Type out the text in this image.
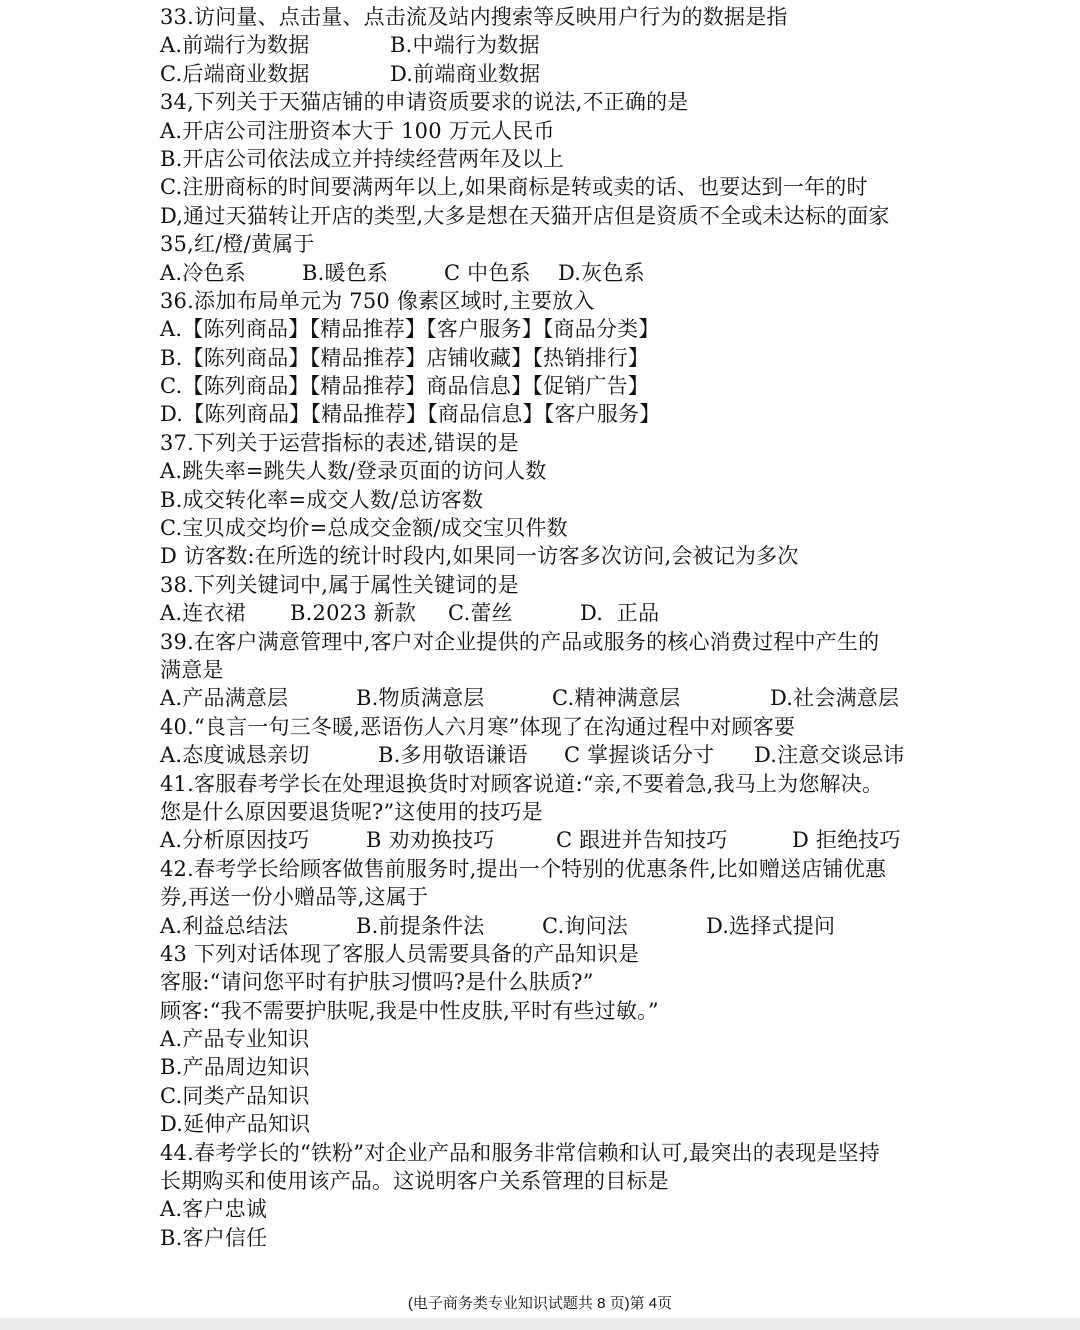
33.访问量、点击量、点击流及站内搜索等反映用户行为的数据是指
A.前端行为数据	B.中端行为数据
C.后端商业数据	D.前端商业数据
34,下列关于天猫店铺的申请资质要求的说法,不正确的是
A.开店公司注册资本大于 100 万元人民币
B.开店公司依法成立并持续经营两年及以上
C.注册商标的时间要满两年以上,如果商标是转或卖的话、也要达到一年的时
D,通过天猫转让开店的类型,大多是想在天猫开店但是资质不全或未达标的面家
35,红/橙/黄属于
A.冷色系	B.暖色系	C 中色系	D.灰色系
36.添加布局单元为 750 像素区域时,主要放入
A.【陈列商品】【精品推荐】【客户服务】【商品分类】
B.【陈列商品】【精品推荐】店铺收藏】【热销排行】
C.【陈列商品】【精品推荐】商品信息】【促销广告】
D.【陈列商品】【精品推荐】【商品信息】【客户服务】
37.下列关于运营指标的表述,错误的是
A.跳失率=跳失人数/登录页面的访问人数
B.成交转化率=成交人数/总访客数
C.宝贝成交均价=总成交金额/成交宝贝件数
D 访客数:在所选的统计时段内,如果同一访客多次访问,会被记为多次
38.下列关键词中,属于属性关键词的是
A.连衣裙	B.2023 新款	C.蕾丝	D.  正品
39.在客户满意管理中,客户对企业提供的产品或服务的核心消费过程中产生的
满意是
A.产品满意层	B.物质满意层	C.精神满意层	D.社会满意层
40.“良言一句三冬暖,恶语伤人六月寒”体现了在沟通过程中对顾客要
A.态度诚恳亲切	B.多用敬语谦语	C 掌握谈话分寸	D.注意交谈忌讳
41.客服春考学长在处理退换货时对顾客说道:“亲,不要着急,我马上为您解决。
您是什么原因要退货呢?”这使用的技巧是
A.分析原因技巧	B 劝劝换技巧	C 跟进并告知技巧	D 拒绝技巧
42.春考学长给顾客做售前服务时,提出一个特别的优惠条件,比如赠送店铺优惠
券,再送一份小赠品等,这属于
A.利益总结法	B.前提条件法	C.询问法	D.选择式提问
43 下列对话体现了客服人员需要具备的产品知识是
客服:“请问您平时有护肤习惯吗?是什么肤质?”
顾客:“我不需要护肤呢,我是中性皮肤,平时有些过敏。”
A.产品专业知识
B.产品周边知识
C.同类产品知识
D.延伸产品知识
44.春考学长的“铁粉”对企业产品和服务非常信赖和认可,最突出的表现是坚持
长期购买和使用该产品。这说明客户关系管理的目标是
A.客户忠诚
B.客户信任
(电子商务类专业知识试题共 8 页)第 4页
